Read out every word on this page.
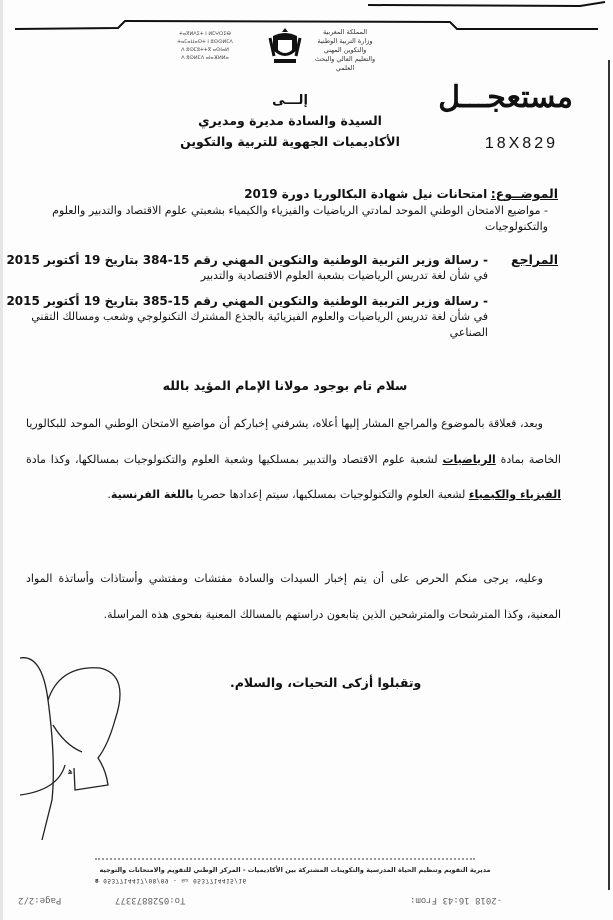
ⵜⴰⴳⵍⴷⵉⵜ ⵏ ⵍⵎⵖⵔⵉⴱ
ⵜⴰⵎⴰⵡⴰⵙⵜ ⵏ ⵓⵙⵙⵍⵎⴷ
ⴷ ⵓⵙⵎⵓⵜⵜⴳ ⴰⵙⵏⴰⵍ
ⴷ ⵓⵙⵍⵎⴷ ⴰⵏⴰⴼⵍⵍⴰ
المملكة المغربية
وزارة التربية الوطنية
والتكوين المهني
والتعليم العالي والبحث العلمي
مستعجـــل
18X829
إلـــى
السيدة والسادة مديرة ومديري
الأكاديميات الجهوية للتربية والتكوين
الموضــوع: امتحانات نيل شهادة البكالوريا دورة 2019
- مواضيع الامتحان الوطني الموحد لمادتي الرياضيات والفيزياء والكيمياء بشعبتي علوم الاقتصاد والتدبير والعلوم والتكنولوجيات
المراجع
- رسالة وزير التربية الوطنية والتكوين المهني رقم 15-384 بتاريخ 19 أكتوبر 2015
في شأن لغة تدريس الرياضيات بشعبة العلوم الاقتصادية والتدبير
- رسالة وزير التربية الوطنية والتكوين المهني رقم 15-385 بتاريخ 19 أكتوبر 2015
في شأن لغة تدريس الرياضيات والعلوم الفيزيائية بالجذع المشترك التكنولوجي وشعب ومسالك التقني الصناعي
سلام تام بوجود مولانا الإمام المؤيد بالله
وبعد، فعلاقة بالموضوع والمراجع المشار إليها أعلاه، يشرفني إخباركم أن مواضيع الامتحان الوطني الموحد للبكالوريا الخاصة بمادة الرياضيات لشعبة علوم الاقتصاد والتدبير بمسلكيها وشعبة العلوم والتكنولوجيات بمسالكها، وكذا مادة الفيزياء والكيمياء لشعبة العلوم والتكنولوجيات بمسلكيها، سيتم إعدادها حصريا باللغة الفرنسية.
وعليه، يرجى منكم الحرص على أن يتم إخبار السيدات والسادة مفتشات ومفتشي وأستاذات وأساتذة المواد المعنية، وكذا المترشحات والمترشحين الذين يتابعون دراستهم بالمسالك المعنية بفحوى هذه المراسلة.
وتقبلوا أزكى التحيات، والسلام.
ﻫ
مديرية التقويم وتنظيم الحياة المدرسية والتكوينات المشتركة بين الأكاديميات - المركز الوطني للتقويم والامتحانات والتوجيه
☎ 0537714417/08/09 - ℻ 0537714415/16
Page:2/2	To:0528873377	-2018 16:43 From:
